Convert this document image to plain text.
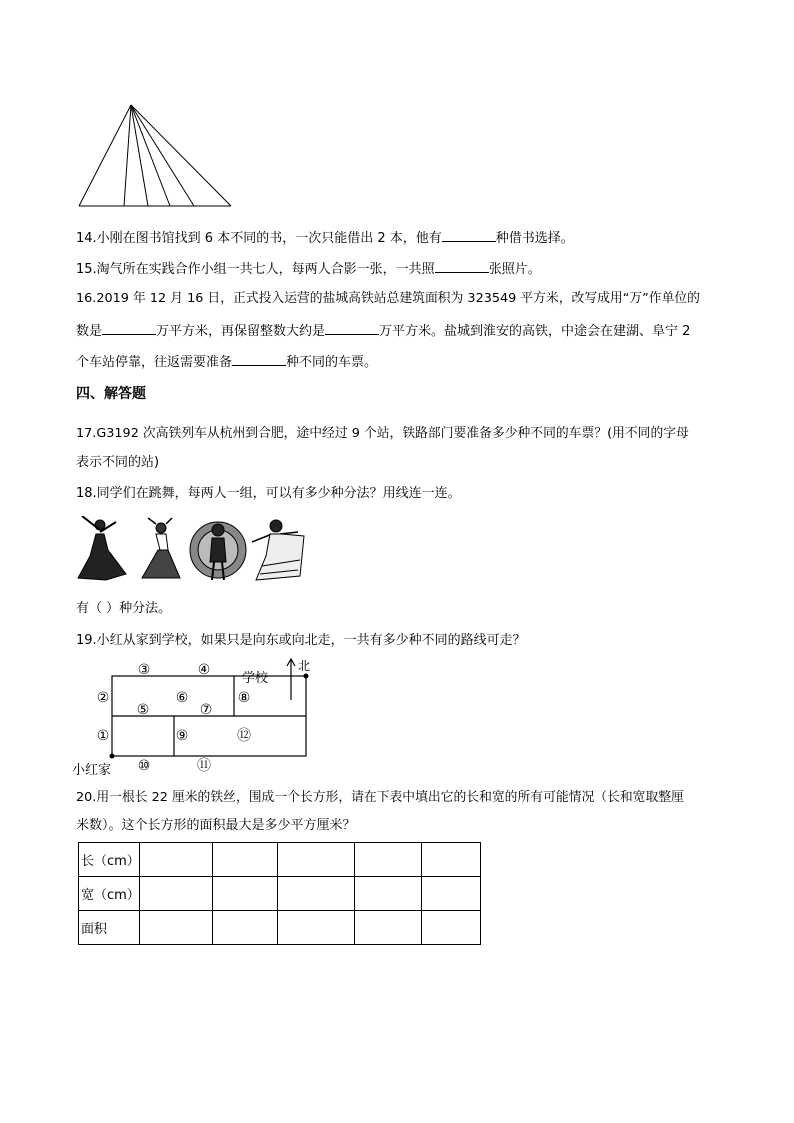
14.小刚在图书馆找到 6 本不同的书，一次只能借出 2 本，他有	种借书选择。
15.淘气所在实践合作小组一共七人，每两人合影一张，一共照	张照片。
16.2019 年 12 月 16 日，正式投入运营的盐城高铁站总建筑面积为 323549 平方米，改写成用“万”作单位的
数是	万平方米，再保留整数大约是	万平方米。盐城到淮安的高铁，中途会在建湖、阜宁 2
个车站停靠，往返需要准备	种不同的车票。
四、解答题
17.G3192 次高铁列车从杭州到合肥，途中经过 9 个站，铁路部门要准备多少种不同的车票？(用不同的字母
表示不同的站)
18.同学们在跳舞，每两人一组，可以有多少种分法？用线连一连。
有（ ）种分法。
19.小红从家到学校，如果只是向东或向北走，一共有多少种不同的路线可走？
北
学校
小红家
①
②
③	④
⑤
⑥
⑦
⑧
⑨
⑩	⑪
⑫
20.用一根长 22 厘米的铁丝，围成一个长方形，请在下表中填出它的长和宽的所有可能情况（长和宽取整厘
米数）。这个长方形的面积最大是多少平方厘米？
长（cm）					
宽（cm）					
面积					
